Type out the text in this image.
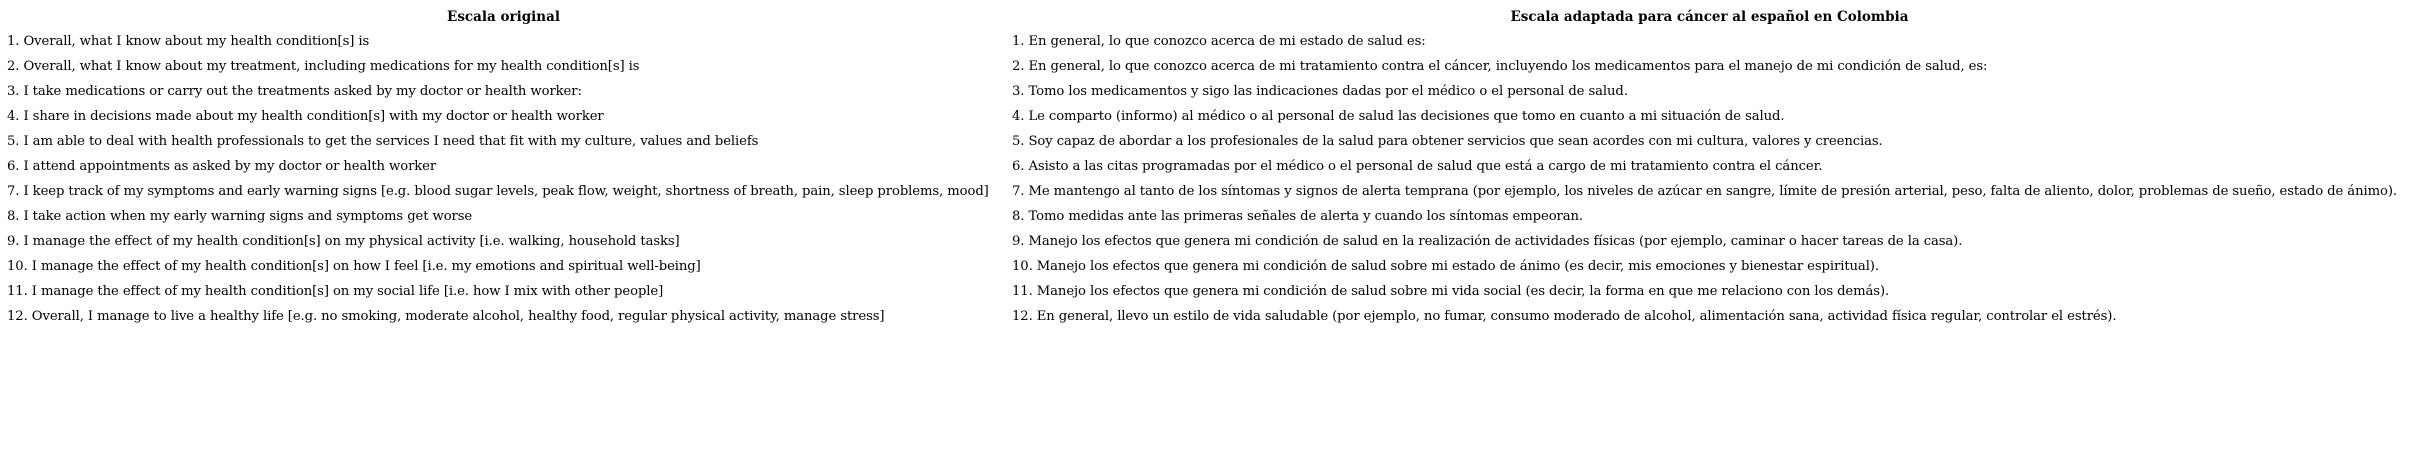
Escala original	Escala adaptada para cáncer al español en Colombia
1. Overall, what I know about my health condition[s] is	1. En general, lo que conozco acerca de mi estado de salud es:
2. Overall, what I know about my treatment, including medications for my health condition[s] is	2. En general, lo que conozco acerca de mi tratamiento contra el cáncer, incluyendo los medicamentos para el manejo de mi condición de salud, es:
3. I take medications or carry out the treatments asked by my doctor or health worker:	3. Tomo los medicamentos y sigo las indicaciones dadas por el médico o el personal de salud.
4. I share in decisions made about my health condition[s] with my doctor or health worker	4. Le comparto (informo) al médico o al personal de salud las decisiones que tomo en cuanto a mi situación de salud.
5. I am able to deal with health professionals to get the services I need that fit with my culture, values and beliefs	5. Soy capaz de abordar a los profesionales de la salud para obtener servicios que sean acordes con mi cultura, valores y creencias.
6. I attend appointments as asked by my doctor or health worker	6. Asisto a las citas programadas por el médico o el personal de salud que está a cargo de mi tratamiento contra el cáncer.
7. I keep track of my symptoms and early warning signs [e.g. blood sugar levels, peak flow, weight, shortness of breath, pain, sleep problems, mood]	7. Me mantengo al tanto de los síntomas y signos de alerta temprana (por ejemplo, los niveles de azúcar en sangre, límite de presión arterial, peso, falta de aliento, dolor, problemas de sueño, estado de ánimo).
8. I take action when my early warning signs and symptoms get worse	8. Tomo medidas ante las primeras señales de alerta y cuando los síntomas empeoran.
9. I manage the effect of my health condition[s] on my physical activity [i.e. walking, household tasks]	9. Manejo los efectos que genera mi condición de salud en la realización de actividades físicas (por ejemplo, caminar o hacer tareas de la casa).
10. I manage the effect of my health condition[s] on how I feel [i.e. my emotions and spiritual well-being]	10. Manejo los efectos que genera mi condición de salud sobre mi estado de ánimo (es decir, mis emociones y bienestar espiritual).
11. I manage the effect of my health condition[s] on my social life [i.e. how I mix with other people]	11. Manejo los efectos que genera mi condición de salud sobre mi vida social (es decir, la forma en que me relaciono con los demás).
12. Overall, I manage to live a healthy life [e.g. no smoking, moderate alcohol, healthy food, regular physical activity, manage stress]	12. En general, llevo un estilo de vida saludable (por ejemplo, no fumar, consumo moderado de alcohol, alimentación sana, actividad física regular, controlar el estrés).
